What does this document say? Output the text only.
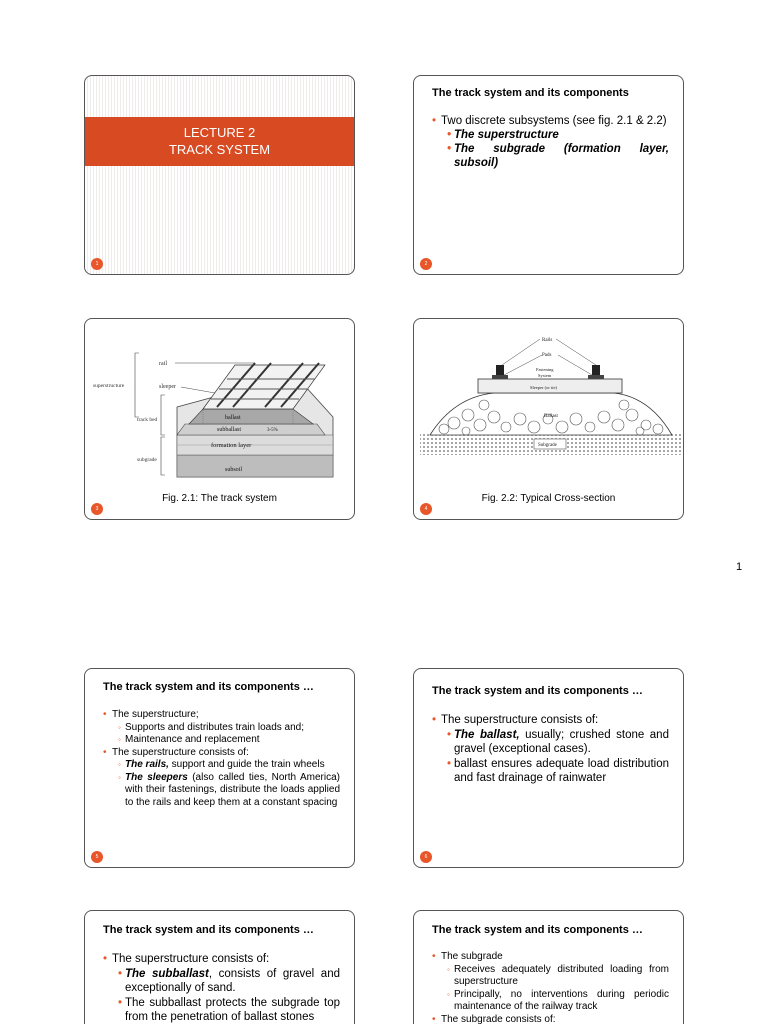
LECTURE 2
TRACK SYSTEM
1
The track system and its components
• Two discrete subsystems (see fig. 2.1 & 2.2)
• The superstructure
• The subgrade (formation layer, subsoil)
2
rail
sleeper
superstructure
track bed
subgrade
ballast
subballast	3-5%
formation layer
subsoil
Fig. 2.1: The track system
3
Rails
Pads
Fastening
System
Sleeper (or tie)
Ballast
Subgrade
Fig. 2.2: Typical Cross-section
4
1
The track system and its components …
• The superstructure;
◦ Supports and distributes train loads and;
◦ Maintenance and replacement
• The superstructure consists of:
◦ The rails, support and guide the train wheels
◦ The sleepers (also called ties, North America) with their fastenings, distribute the loads applied to the rails and keep them at a constant spacing
5
The track system and its components …
• The superstructure consists of:
• The ballast, usually; crushed stone and gravel (exceptional cases).
• ballast ensures adequate load distribution and fast drainage of rainwater
6
The track system and its components …
• The superstructure consists of:
• The subballast, consists of gravel and exceptionally of sand.
• The subballast protects the subgrade top from the penetration of ballast stones
The track system and its components …
• The subgrade
◦ Receives adequately distributed loading from superstructure
◦ Principally, no interventions during periodic maintenance of the railway track
• The subgrade consists of:
